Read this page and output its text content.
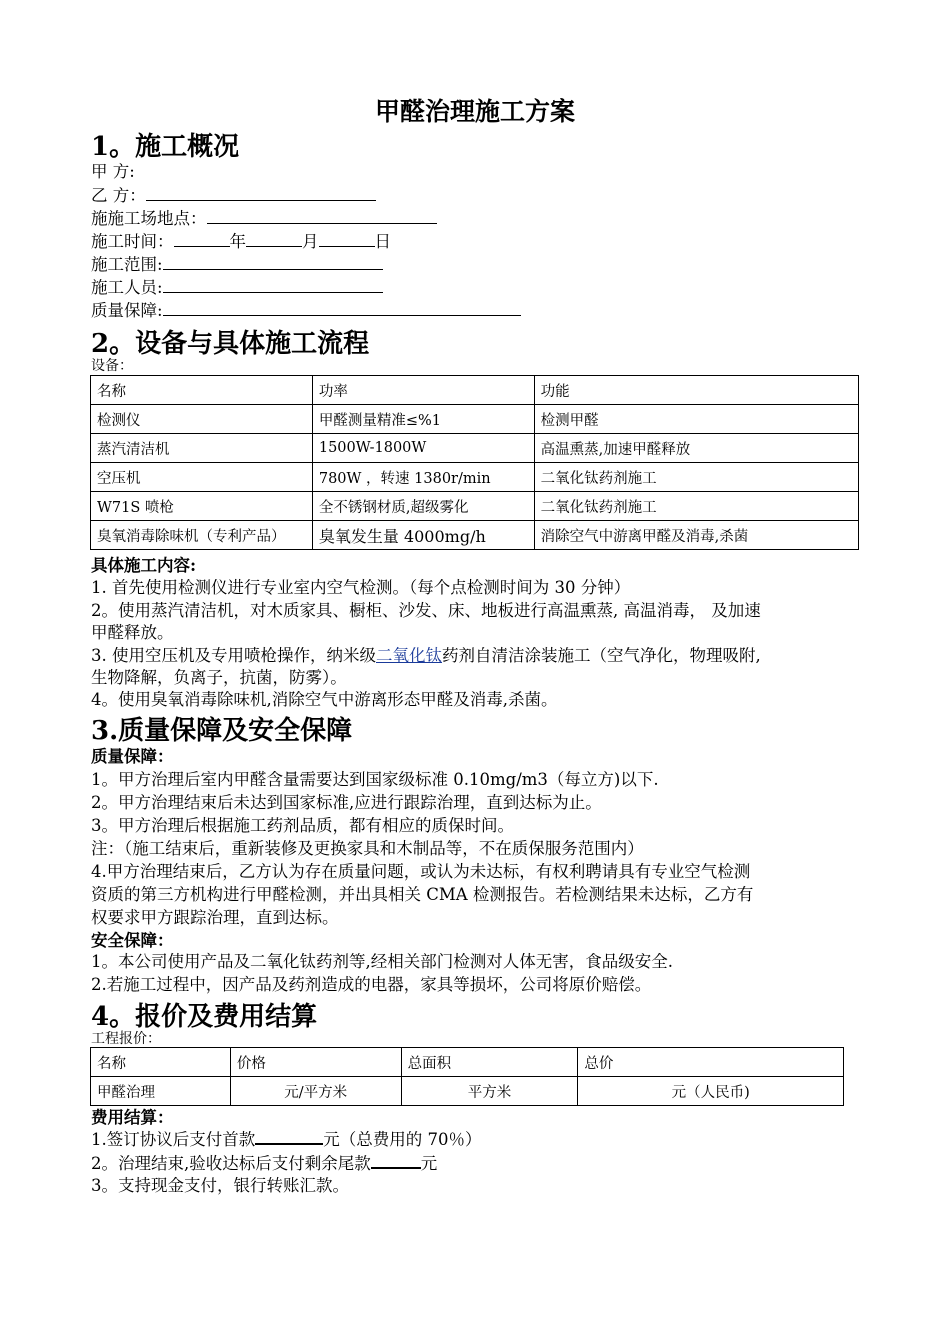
甲醛治理施工方案
1。施工概况
甲 方:
乙 方：
施施工场地点：
施工时间：	年	月	日
施工范围:
施工人员:
质量保障:
2。设备与具体施工流程
设备：
名称	功率	功能
检测仪	甲醛测量精准≤%1	检测甲醛
蒸汽清洁机	1500W-1800W	高温熏蒸,加速甲醛释放
空压机	780W ，转速 1380r/min	二氧化钛药剂施工
W71S 喷枪	全不锈钢材质,超级雾化	二氧化钛药剂施工
臭氧消毒除味机（专利产品）	臭氧发生量 4000mg/h	消除空气中游离甲醛及消毒,杀菌
具体施工内容:
1. 首先使用检测仪进行专业室内空气检测。（每个点检测时间为 30 分钟）
2。使用蒸汽清洁机，对木质家具、橱柜、沙发、床、地板进行高温熏蒸, 高温消毒， 及加速
甲醛释放。
3. 使用空压机及专用喷枪操作，纳米级二氧化钛药剂自清洁涂装施工（空气净化，物理吸附,
生物降解，负离子，抗菌，防雾）。
4。使用臭氧消毒除味机,消除空气中游离形态甲醛及消毒,杀菌。
3.质量保障及安全保障
质量保障：
1。甲方治理后室内甲醛含量需要达到国家级标准 0.10mg/m3（每立方)以下.
2。甲方治理结束后未达到国家标准,应进行跟踪治理，直到达标为止。
3。甲方治理后根据施工药剂品质，都有相应的质保时间。
注：（施工结束后，重新装修及更换家具和木制品等，不在质保服务范围内）
4.甲方治理结束后，乙方认为存在质量问题，或认为未达标，有权利聘请具有专业空气检测
资质的第三方机构进行甲醛检测，并出具相关 CMA 检测报告。若检测结果未达标，乙方有
权要求甲方跟踪治理，直到达标。
安全保障：
1。本公司使用产品及二氧化钛药剂等,经相关部门检测对人体无害，食品级安全.
2.若施工过程中，因产品及药剂造成的电器，家具等损坏，公司将原价赔偿。
4。报价及费用结算
工程报价：
名称	价格	总面积	总价
甲醛治理	元/平方米	平方米	元（人民币)
费用结算：
1.签订协议后支付首款	元（总费用的 70％）
2。治理结束,验收达标后支付剩余尾款	元
3。支持现金支付，银行转账汇款。
